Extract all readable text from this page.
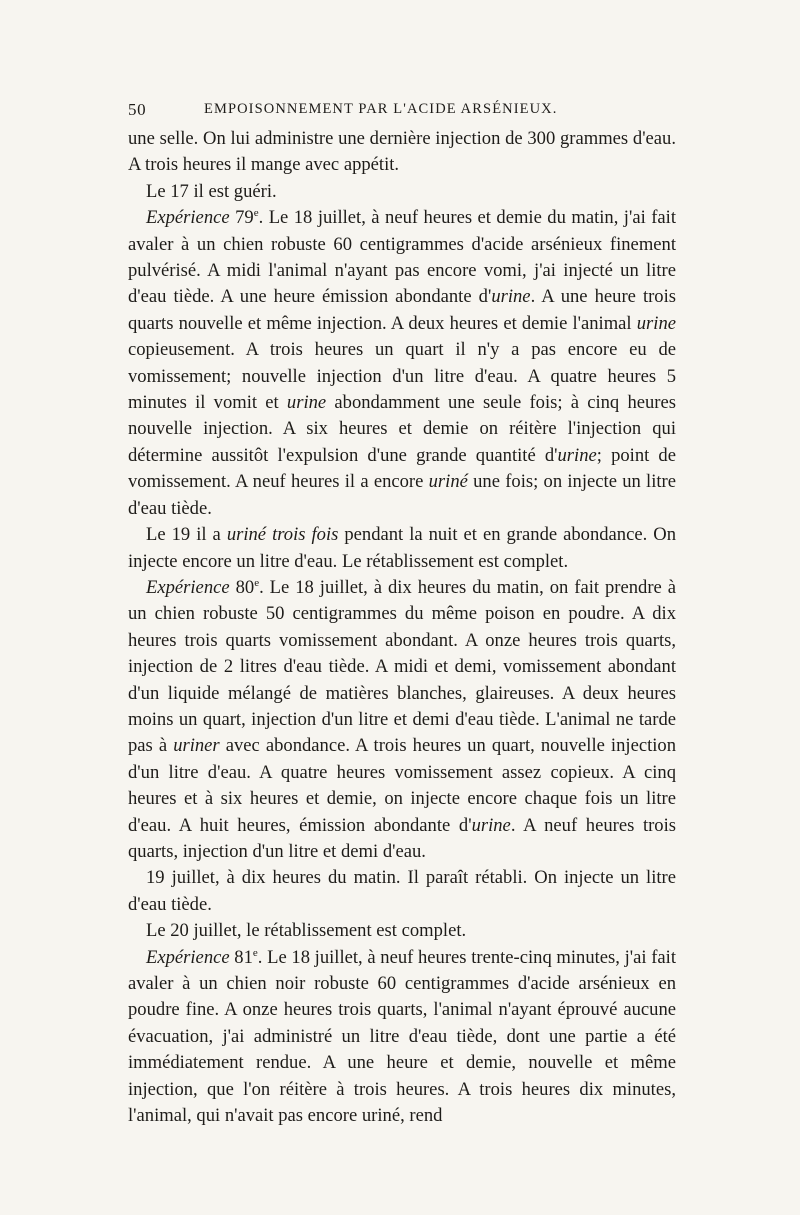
50	EMPOISONNEMENT PAR L'ACIDE ARSÉNIEUX.

une selle. On lui administre une dernière injection de 300 grammes d'eau. A trois heures il mange avec appétit.

Le 17 il est guéri.

Expérience 79e. Le 18 juillet, à neuf heures et demie du matin, j'ai fait avaler à un chien robuste 60 centigrammes d'acide arsénieux finement pulvérisé. A midi l'animal n'ayant pas encore vomi, j'ai injecté un litre d'eau tiède. A une heure émission abondante d'urine. A une heure trois quarts nouvelle et même injection. A deux heures et demie l'animal urine copieusement. A trois heures un quart il n'y a pas encore eu de vomissement; nouvelle injection d'un litre d'eau. A quatre heures 5 minutes il vomit et urine abondamment une seule fois; à cinq heures nouvelle injection. A six heures et demie on réitère l'injection qui détermine aussitôt l'expulsion d'une grande quantité d'urine; point de vomissement. A neuf heures il a encore uriné une fois; on injecte un litre d'eau tiède.

Le 19 il a uriné trois fois pendant la nuit et en grande abondance. On injecte encore un litre d'eau. Le rétablissement est complet.

Expérience 80e. Le 18 juillet, à dix heures du matin, on fait prendre à un chien robuste 50 centigrammes du même poison en poudre. A dix heures trois quarts vomissement abondant. A onze heures trois quarts, injection de 2 litres d'eau tiède. A midi et demi, vomissement abondant d'un liquide mélangé de matières blanches, glaireuses. A deux heures moins un quart, injection d'un litre et demi d'eau tiède. L'animal ne tarde pas à uriner avec abondance. A trois heures un quart, nouvelle injection d'un litre d'eau. A quatre heures vomissement assez copieux. A cinq heures et à six heures et demie, on injecte encore chaque fois un litre d'eau. A huit heures, émission abondante d'urine. A neuf heures trois quarts, injection d'un litre et demi d'eau.

19 juillet, à dix heures du matin. Il paraît rétabli. On injecte un litre d'eau tiède.

Le 20 juillet, le rétablissement est complet.

Expérience 81e. Le 18 juillet, à neuf heures trente-cinq minutes, j'ai fait avaler à un chien noir robuste 60 centigrammes d'acide arsénieux en poudre fine. A onze heures trois quarts, l'animal n'ayant éprouvé aucune évacuation, j'ai administré un litre d'eau tiède, dont une partie a été immédiatement rendue. A une heure et demie, nouvelle et même injection, que l'on réitère à trois heures. A trois heures dix minutes, l'animal, qui n'avait pas encore uriné, rend
